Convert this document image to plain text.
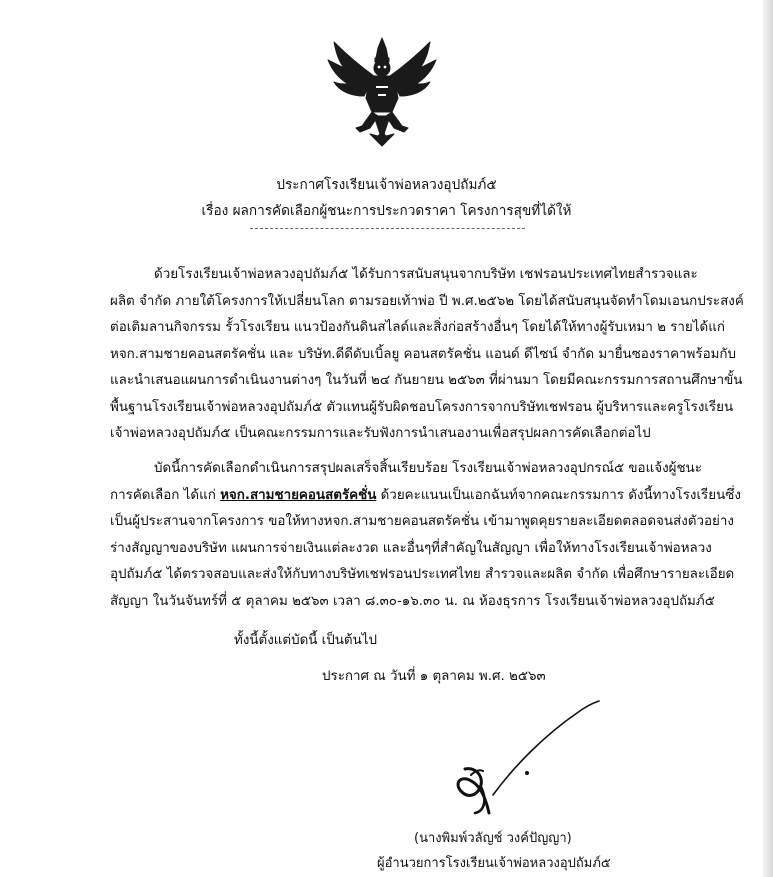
ประกาศโรงเรียนเจ้าพ่อหลวงอุปถัมภ์๕
เรื่อง ผลการคัดเลือกผู้ชนะการประกวดราคา โครงการสุขที่ได้ให้
ด้วยโรงเรียนเจ้าพ่อหลวงอุปถัมภ์๕ ได้รับการสนับสนุนจากบริษัท เชฟรอนประเทศไทยสำรวจและ
ผลิต จำกัด ภายใต้โครงการให้เปลี่ยนโลก ตามรอยเท้าพ่อ ปี พ.ศ.๒๕๖๒ โดยได้สนับสนุนจัดทำโดมเอนกประสงค์
ต่อเติมลานกิจกรรม รั้วโรงเรียน แนวป้องกันดินสไลด์และสิ่งก่อสร้างอื่นๆ โดยได้ให้ทางผู้รับเหมา ๒ รายได้แก่
หจก.สามชายคอนสตรัคชั่น และ บริษัท.ดีดีดับเบิ้ลยู คอนสตรัคชั่น แอนด์ ดีไซน์ จำกัด มายื่นซองราคาพร้อมกับ
และนำเสนอแผนการดำเนินงานต่างๆ ในวันที่ ๒๔ กันยายน ๒๕๖๓ ที่ผ่านมา โดยมีคณะกรรมการสถานศึกษาขั้น
พื้นฐานโรงเรียนเจ้าพ่อหลวงอุปถัมภ์๕ ตัวแทนผู้รับผิดชอบโครงการจากบริษัทเชฟรอน ผู้บริหารและครูโรงเรียน
เจ้าพ่อหลวงอุปถัมภ์๕ เป็นคณะกรรมการและรับฟังการนำเสนองานเพื่อสรุปผลการคัดเลือกต่อไป
บัดนี้การคัดเลือกดำเนินการสรุปผลเสร็จสิ้นเรียบร้อย โรงเรียนเจ้าพ่อหลวงอุปกรณ์๕ ขอแจ้งผู้ชนะ
การคัดเลือก ได้แก่ หจก.สามชายคอนสตรัคชั่น ด้วยคะแนนเป็นเอกฉันท์จากคณะกรรมการ ดังนี้ทางโรงเรียนซึ่ง
เป็นผู้ประสานจากโครงการ ขอให้ทางหจก.สามชายคอนสตรัคชั่น เข้ามาพูดคุยรายละเอียดตลอดจนส่งตัวอย่าง
ร่างสัญญาของบริษัท แผนการจ่ายเงินแต่ละงวด และอื่นๆที่สำคัญในสัญญา เพื่อให้ทางโรงเรียนเจ้าพ่อหลวง
อุปถัมภ์๕ ได้ตรวจสอบและส่งให้กับทางบริษัทเชฟรอนประเทศไทย สำรวจและผลิต จำกัด เพื่อศึกษารายละเอียด
สัญญา ในวันจันทร์ที่ ๕ ตุลาคม ๒๕๖๓ เวลา ๘.๓๐-๑๖.๓๐ น. ณ ห้องธุรการ โรงเรียนเจ้าพ่อหลวงอุปถัมภ์๕
ทั้งนี้ตั้งแต่บัดนี้ เป็นต้นไป
ประกาศ ณ วันที่ ๑ ตุลาคม พ.ศ. ๒๕๖๓
(นางพิมพ์วลัญช์ วงค์ปัญญา)
ผู้อำนวยการโรงเรียนเจ้าพ่อหลวงอุปถัมภ์๕
